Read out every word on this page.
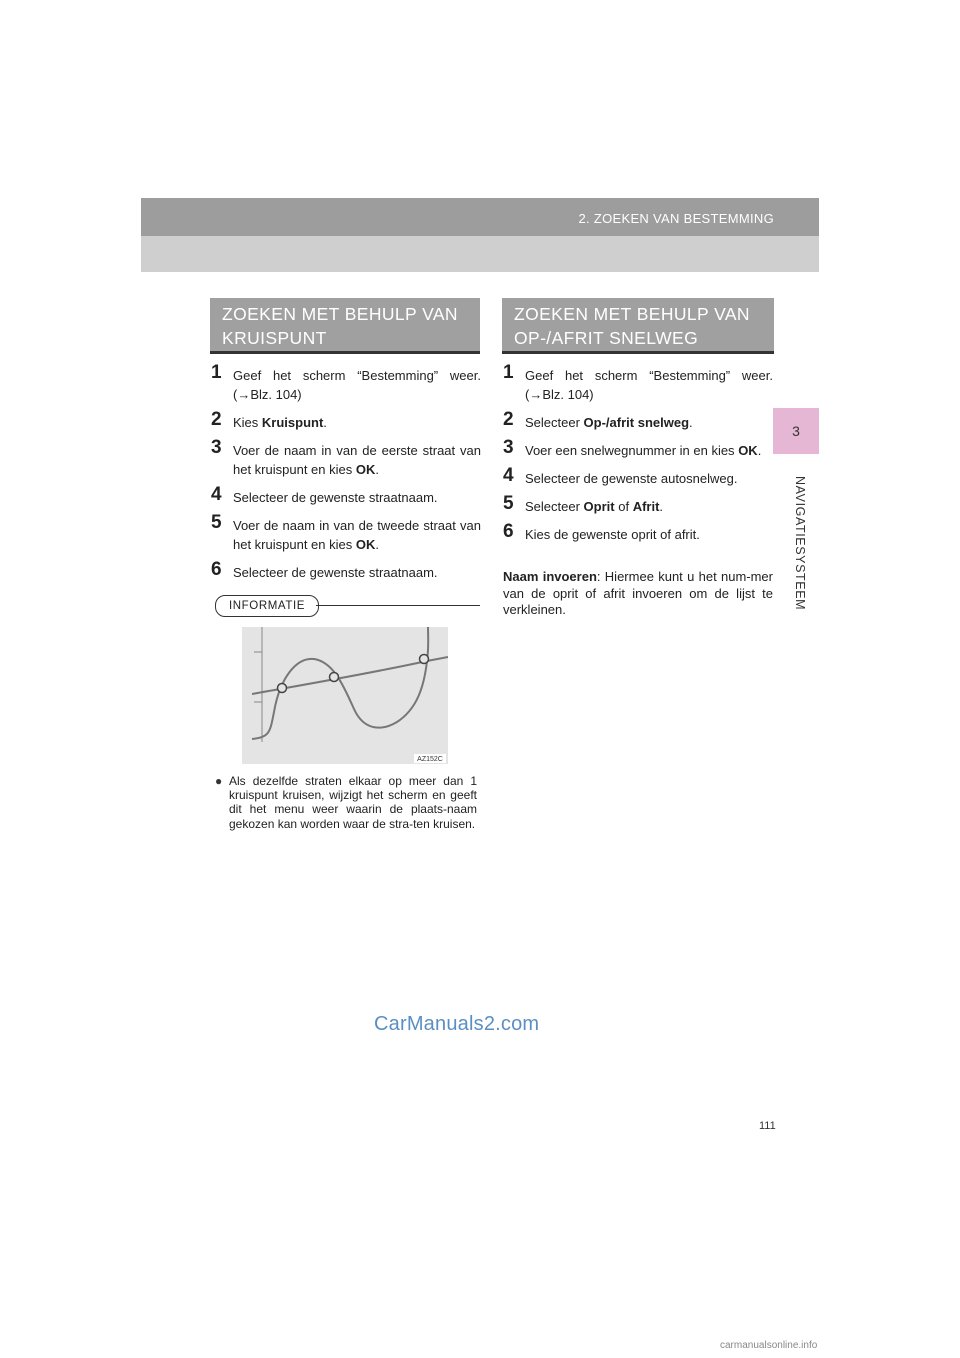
2. ZOEKEN VAN BESTEMMING
3
NAVIGATIESYSTEEM
ZOEKEN MET BEHULP VAN
KRUISPUNT
1 Geef het scherm “Bestemming” weer. (→Blz. 104)
2 Kies Kruispunt.
3 Voer de naam in van de eerste straat van het kruispunt en kies OK.
4 Selecteer de gewenste straatnaam.
5 Voer de naam in van de tweede straat van het kruispunt en kies OK.
6 Selecteer de gewenste straatnaam.
INFORMATIE
AZ152C
● Als dezelfde straten elkaar op meer dan 1 kruispunt kruisen, wijzigt het scherm en geeft dit het menu weer waarin de plaats-naam gekozen kan worden waar de stra-ten kruisen.
ZOEKEN MET BEHULP VAN
OP-/AFRIT SNELWEG
1 Geef het scherm “Bestemming” weer. (→Blz. 104)
2 Selecteer Op-/afrit snelweg.
3 Voer een snelwegnummer in en kies OK.
4 Selecteer de gewenste autosnelweg.
5 Selecteer Oprit of Afrit.
6 Kies de gewenste oprit of afrit.
Naam invoeren: Hiermee kunt u het num-mer van de oprit of afrit invoeren om de lijst te verkleinen.
CarManuals2.com
111
carmanualsonline.info
